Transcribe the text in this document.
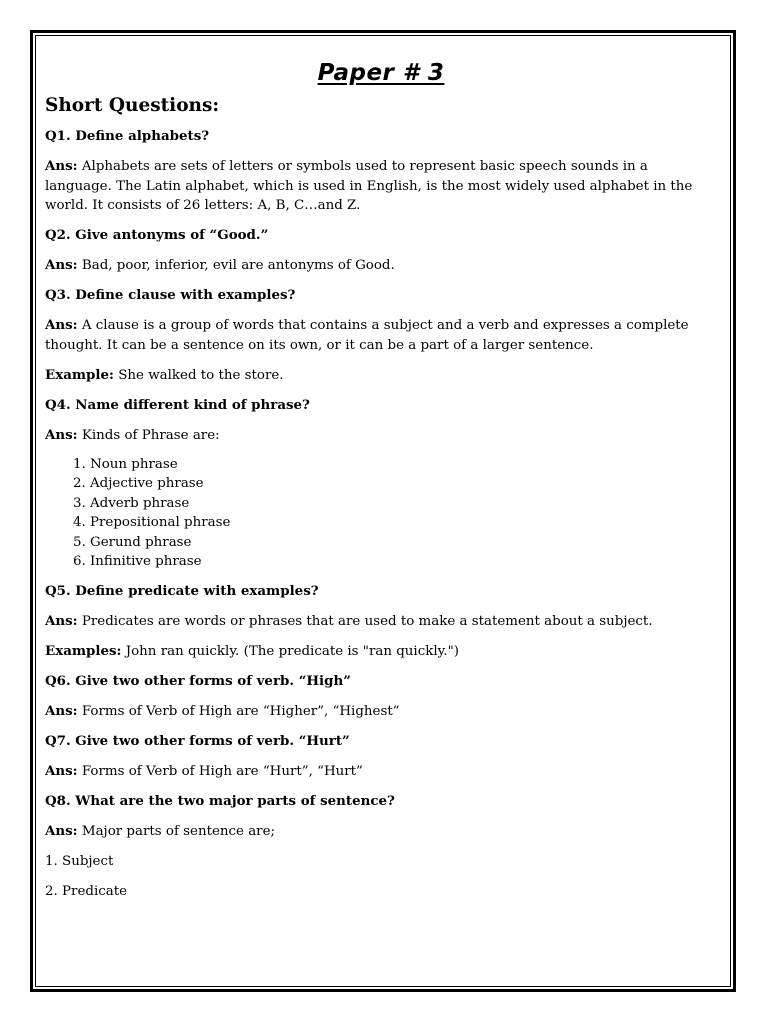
Paper # 3
Short Questions:
Q1. Define alphabets?
Ans: Alphabets are sets of letters or symbols used to represent basic speech sounds in a language. The Latin alphabet, which is used in English, is the most widely used alphabet in the world. It consists of 26 letters: A, B, C…and Z.
Q2. Give antonyms of “Good.”
Ans: Bad, poor, inferior, evil are antonyms of Good.
Q3. Define clause with examples?
Ans: A clause is a group of words that contains a subject and a verb and expresses a complete thought. It can be a sentence on its own, or it can be a part of a larger sentence.
Example: She walked to the store.
Q4. Name different kind of phrase?
Ans: Kinds of Phrase are:
1. Noun phrase
2. Adjective phrase
3. Adverb phrase
4. Prepositional phrase
5. Gerund phrase
6. Infinitive phrase
Q5. Define predicate with examples?
Ans: Predicates are words or phrases that are used to make a statement about a subject.
Examples: John ran quickly. (The predicate is "ran quickly.")
Q6. Give two other forms of verb. “High”
Ans: Forms of Verb of High are “Higher”, “Highest”
Q7. Give two other forms of verb. “Hurt”
Ans: Forms of Verb of High are “Hurt”, “Hurt”
Q8. What are the two major parts of sentence?
Ans: Major parts of sentence are;
1. Subject
2. Predicate
